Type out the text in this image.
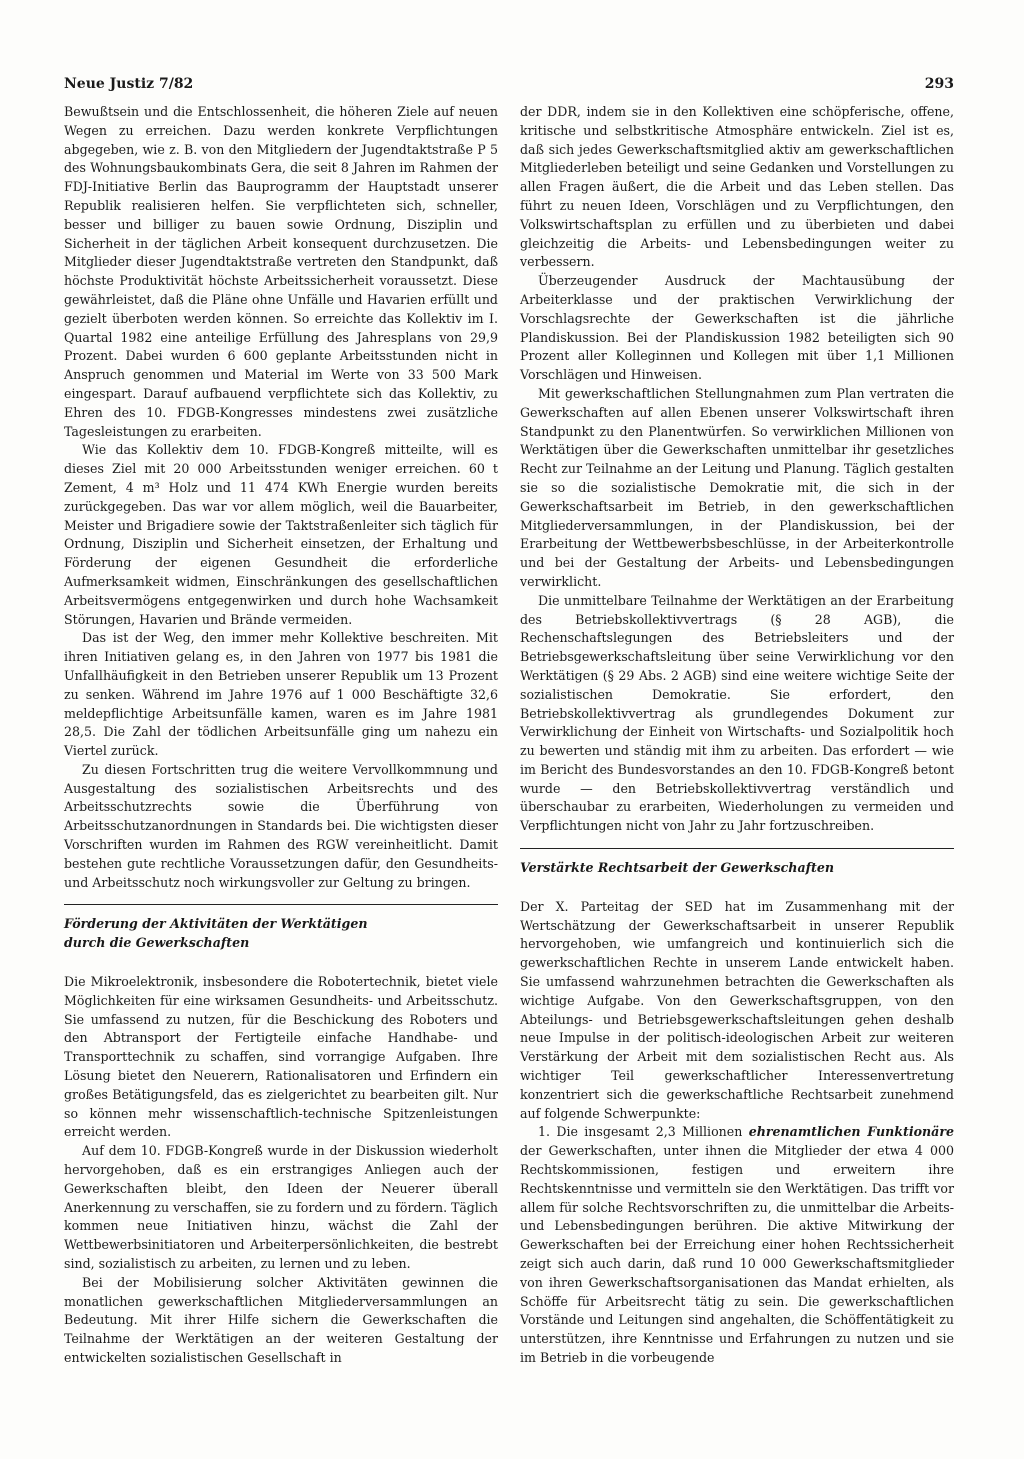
Neue Justiz 7/82	293

Bewußtsein und die Entschlossenheit, die höheren Ziele auf neuen Wegen zu erreichen. Dazu werden konkrete Verpflichtungen abgegeben, wie z. B. von den Mitgliedern der Jugendtaktstraße P 5 des Wohnungsbaukombinats Gera, die seit 8 Jahren im Rahmen der FDJ-Initiative Berlin das Bauprogramm der Hauptstadt unserer Republik realisieren helfen. Sie verpflichteten sich, schneller, besser und billiger zu bauen sowie Ordnung, Disziplin und Sicherheit in der täglichen Arbeit konsequent durchzusetzen. Die Mitglieder dieser Jugendtaktstraße vertreten den Standpunkt, daß höchste Produktivität höchste Arbeitssicherheit voraussetzt. Diese gewährleistet, daß die Pläne ohne Unfälle und Havarien erfüllt und gezielt überboten werden können. So erreichte das Kollektiv im I. Quartal 1982 eine anteilige Erfüllung des Jahresplans von 29,9 Prozent. Dabei wurden 6 600 geplante Arbeitsstunden nicht in Anspruch genommen und Material im Werte von 33 500 Mark eingespart. Darauf aufbauend verpflichtete sich das Kollektiv, zu Ehren des 10. FDGB-Kongresses mindestens zwei zusätzliche Tagesleistungen zu erarbeiten.

Wie das Kollektiv dem 10. FDGB-Kongreß mitteilte, will es dieses Ziel mit 20 000 Arbeitsstunden weniger erreichen. 60 t Zement, 4 m³ Holz und 11 474 KWh Energie wurden bereits zurückgegeben. Das war vor allem möglich, weil die Bauarbeiter, Meister und Brigadiere sowie der Taktstraßenleiter sich täglich für Ordnung, Disziplin und Sicherheit einsetzen, der Erhaltung und Förderung der eigenen Gesundheit die erforderliche Aufmerksamkeit widmen, Einschränkungen des gesellschaftlichen Arbeitsvermögens entgegenwirken und durch hohe Wachsamkeit Störungen, Havarien und Brände vermeiden.

Das ist der Weg, den immer mehr Kollektive beschreiten. Mit ihren Initiativen gelang es, in den Jahren von 1977 bis 1981 die Unfallhäufigkeit in den Betrieben unserer Republik um 13 Prozent zu senken. Während im Jahre 1976 auf 1 000 Beschäftigte 32,6 meldepflichtige Arbeitsunfälle kamen, waren es im Jahre 1981 28,5. Die Zahl der tödlichen Arbeitsunfälle ging um nahezu ein Viertel zurück.

Zu diesen Fortschritten trug die weitere Vervollkommnung und Ausgestaltung des sozialistischen Arbeitsrechts und des Arbeitsschutzrechts sowie die Überführung von Arbeitsschutzanordnungen in Standards bei. Die wichtigsten dieser Vorschriften wurden im Rahmen des RGW vereinheitlicht. Damit bestehen gute rechtliche Voraussetzungen dafür, den Gesundheits- und Arbeitsschutz noch wirkungsvoller zur Geltung zu bringen.

Förderung der Aktivitäten der Werktätigen
durch die Gewerkschaften

Die Mikroelektronik, insbesondere die Robotertechnik, bietet viele Möglichkeiten für eine wirksamen Gesundheits- und Arbeitsschutz. Sie umfassend zu nutzen, für die Beschickung des Roboters und den Abtransport der Fertigteile einfache Handhabe- und Transporttechnik zu schaffen, sind vorrangige Aufgaben. Ihre Lösung bietet den Neuerern, Rationalisatoren und Erfindern ein großes Betätigungsfeld, das es zielgerichtet zu bearbeiten gilt. Nur so können mehr wissenschaftlich-technische Spitzenleistungen erreicht werden.

Auf dem 10. FDGB-Kongreß wurde in der Diskussion wiederholt hervorgehoben, daß es ein erstrangiges Anliegen auch der Gewerkschaften bleibt, den Ideen der Neuerer überall Anerkennung zu verschaffen, sie zu fordern und zu fördern. Täglich kommen neue Initiativen hinzu, wächst die Zahl der Wettbewerbsinitiatoren und Arbeiterpersönlichkeiten, die bestrebt sind, sozialistisch zu arbeiten, zu lernen und zu leben.

Bei der Mobilisierung solcher Aktivitäten gewinnen die monatlichen gewerkschaftlichen Mitgliederversammlungen an Bedeutung. Mit ihrer Hilfe sichern die Gewerkschaften die Teilnahme der Werktätigen an der weiteren Gestaltung der entwickelten sozialistischen Gesellschaft in

der DDR, indem sie in den Kollektiven eine schöpferische, offene, kritische und selbstkritische Atmosphäre entwickeln. Ziel ist es, daß sich jedes Gewerkschaftsmitglied aktiv am gewerkschaftlichen Mitgliederleben beteiligt und seine Gedanken und Vorstellungen zu allen Fragen äußert, die die Arbeit und das Leben stellen. Das führt zu neuen Ideen, Vorschlägen und zu Verpflichtungen, den Volkswirtschaftsplan zu erfüllen und zu überbieten und dabei gleichzeitig die Arbeits- und Lebensbedingungen weiter zu verbessern.

Überzeugender Ausdruck der Machtausübung der Arbeiterklasse und der praktischen Verwirklichung der Vorschlagsrechte der Gewerkschaften ist die jährliche Plandiskussion. Bei der Plandiskussion 1982 beteiligten sich 90 Prozent aller Kolleginnen und Kollegen mit über 1,1 Millionen Vorschlägen und Hinweisen.

Mit gewerkschaftlichen Stellungnahmen zum Plan vertraten die Gewerkschaften auf allen Ebenen unserer Volkswirtschaft ihren Standpunkt zu den Planentwürfen. So verwirklichen Millionen von Werktätigen über die Gewerkschaften unmittelbar ihr gesetzliches Recht zur Teilnahme an der Leitung und Planung. Täglich gestalten sie so die sozialistische Demokratie mit, die sich in der Gewerkschaftsarbeit im Betrieb, in den gewerkschaftlichen Mitgliederversammlungen, in der Plandiskussion, bei der Erarbeitung der Wettbewerbsbeschlüsse, in der Arbeiterkontrolle und bei der Gestaltung der Arbeits- und Lebensbedingungen verwirklicht.

Die unmittelbare Teilnahme der Werktätigen an der Erarbeitung des Betriebskollektivvertrags (§ 28 AGB), die Rechenschaftslegungen des Betriebsleiters und der Betriebsgewerkschaftsleitung über seine Verwirklichung vor den Werktätigen (§ 29 Abs. 2 AGB) sind eine weitere wichtige Seite der sozialistischen Demokratie. Sie erfordert, den Betriebskollektivvertrag als grundlegendes Dokument zur Verwirklichung der Einheit von Wirtschafts- und Sozialpolitik hoch zu bewerten und ständig mit ihm zu arbeiten. Das erfordert — wie im Bericht des Bundesvorstandes an den 10. FDGB-Kongreß betont wurde — den Betriebskollektivvertrag verständlich und überschaubar zu erarbeiten, Wiederholungen zu vermeiden und Verpflichtungen nicht von Jahr zu Jahr fortzuschreiben.

Verstärkte Rechtsarbeit der Gewerkschaften

Der X. Parteitag der SED hat im Zusammenhang mit der Wertschätzung der Gewerkschaftsarbeit in unserer Republik hervorgehoben, wie umfangreich und kontinuierlich sich die gewerkschaftlichen Rechte in unserem Lande entwickelt haben. Sie umfassend wahrzunehmen betrachten die Gewerkschaften als wichtige Aufgabe. Von den Gewerkschaftsgruppen, von den Abteilungs- und Betriebsgewerkschaftsleitungen gehen deshalb neue Impulse in der politisch-ideologischen Arbeit zur weiteren Verstärkung der Arbeit mit dem sozialistischen Recht aus. Als wichtiger Teil gewerkschaftlicher Interessenvertretung konzentriert sich die gewerkschaftliche Rechtsarbeit zunehmend auf folgende Schwerpunkte:

1. Die insgesamt 2,3 Millionen ehrenamtlichen Funktionäre der Gewerkschaften, unter ihnen die Mitglieder der etwa 4 000 Rechtskommissionen, festigen und erweitern ihre Rechtskenntnisse und vermitteln sie den Werktätigen. Das trifft vor allem für solche Rechtsvorschriften zu, die unmittelbar die Arbeits- und Lebensbedingungen berühren. Die aktive Mitwirkung der Gewerkschaften bei der Erreichung einer hohen Rechtssicherheit zeigt sich auch darin, daß rund 10 000 Gewerkschaftsmitglieder von ihren Gewerkschaftsorganisationen das Mandat erhielten, als Schöffe für Arbeitsrecht tätig zu sein. Die gewerkschaftlichen Vorstände und Leitungen sind angehalten, die Schöffentätigkeit zu unterstützen, ihre Kenntnisse und Erfahrungen zu nutzen und sie im Betrieb in die vorbeugende
